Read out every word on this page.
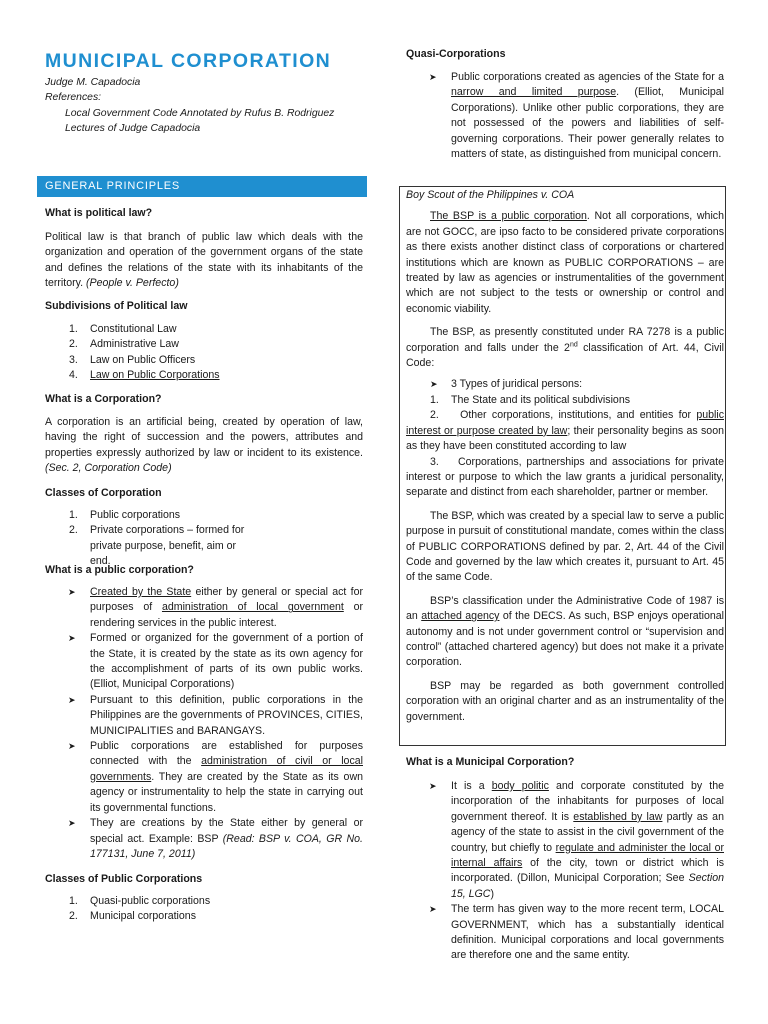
MUNICIPAL CORPORATION
Judge M. Capadocia
References:
Local Government Code Annotated by Rufus B. Rodriguez
Lectures of Judge Capadocia
GENERAL PRINCIPLES
What is political law?
Political law is that branch of public law which deals with the organization and operation of the government organs of the state and defines the relations of the state with its inhabitants of the territory. (People v. Perfecto)
Subdivisions of Political law
1. Constitutional Law
2. Administrative Law
3. Law on Public Officers
4. Law on Public Corporations
What is a Corporation?
A corporation is an artificial being, created by operation of law, having the right of succession and the powers, attributes and properties expressly authorized by law or incident to its existence. (Sec. 2, Corporation Code)
Classes of Corporation
1. Public corporations
2. Private corporations – formed for private purpose, benefit, aim or end.
What is a public corporation?
➤ Created by the State either by general or special act for purposes of administration of local government or rendering services in the public interest.
➤ Formed or organized for the government of a portion of the State, it is created by the state as its own agency for the accomplishment of parts of its own public works. (Elliot, Municipal Corporations)
➤ Pursuant to this definition, public corporations in the Philippines are the governments of PROVINCES, CITIES, MUNICIPALITIES and BARANGAYS.
➤ Public corporations are established for purposes connected with the administration of civil or local governments. They are created by the State as its own agency or instrumentality to help the state in carrying out its governmental functions.
➤ They are creations by the State either by general or special act. Example: BSP (Read: BSP v. COA, GR No. 177131, June 7, 2011)
Classes of Public Corporations
1. Quasi-public corporations
2. Municipal corporations
Quasi-Corporations
➤ Public corporations created as agencies of the State for a narrow and limited purpose. (Elliot, Municipal Corporations). Unlike other public corporations, they are not possessed of the powers and liabilities of self-governing corporations. Their power generally relates to matters of state, as distinguished from municipal concern.
Boy Scout of the Philippines v. COA
The BSP is a public corporation. Not all corporations, which are not GOCC, are ipso facto to be considered private corporations as there exists another distinct class of corporations or chartered institutions which are known as PUBLIC CORPORATIONS – are treated by law as agencies or instrumentalities of the government which are not subject to the tests or ownership or control and economic viability.
The BSP, as presently constituted under RA 7278 is a public corporation and falls under the 2nd classification of Art. 44, Civil Code:
➤ 3 Types of juridical persons:
1. The State and its political subdivisions
2. Other corporations, institutions, and entities for public interest or purpose created by law; their personality begins as soon as they have been constituted according to law
3. Corporations, partnerships and associations for private interest or purpose to which the law grants a juridical personality, separate and distinct from each shareholder, partner or member.
The BSP, which was created by a special law to serve a public purpose in pursuit of constitutional mandate, comes within the class of PUBLIC CORPORATIONS defined by par. 2, Art. 44 of the Civil Code and governed by the law which creates it, pursuant to Art. 45 of the same Code.
BSP’s classification under the Administrative Code of 1987 is an attached agency of the DECS. As such, BSP enjoys operational autonomy and is not under government control or “supervision and control” (attached chartered agency) but does not make it a private corporation.
BSP may be regarded as both government controlled corporation with an original charter and as an instrumentality of the government.
What is a Municipal Corporation?
➤ It is a body politic and corporate constituted by the incorporation of the inhabitants for purposes of local government thereof. It is established by law partly as an agency of the state to assist in the civil government of the country, but chiefly to regulate and administer the local or internal affairs of the city, town or district which is incorporated. (Dillon, Municipal Corporation; See Section 15, LGC)
➤ The term has given way to the more recent term, LOCAL GOVERNMENT, which has a substantially identical definition. Municipal corporations and local governments are therefore one and the same entity.
